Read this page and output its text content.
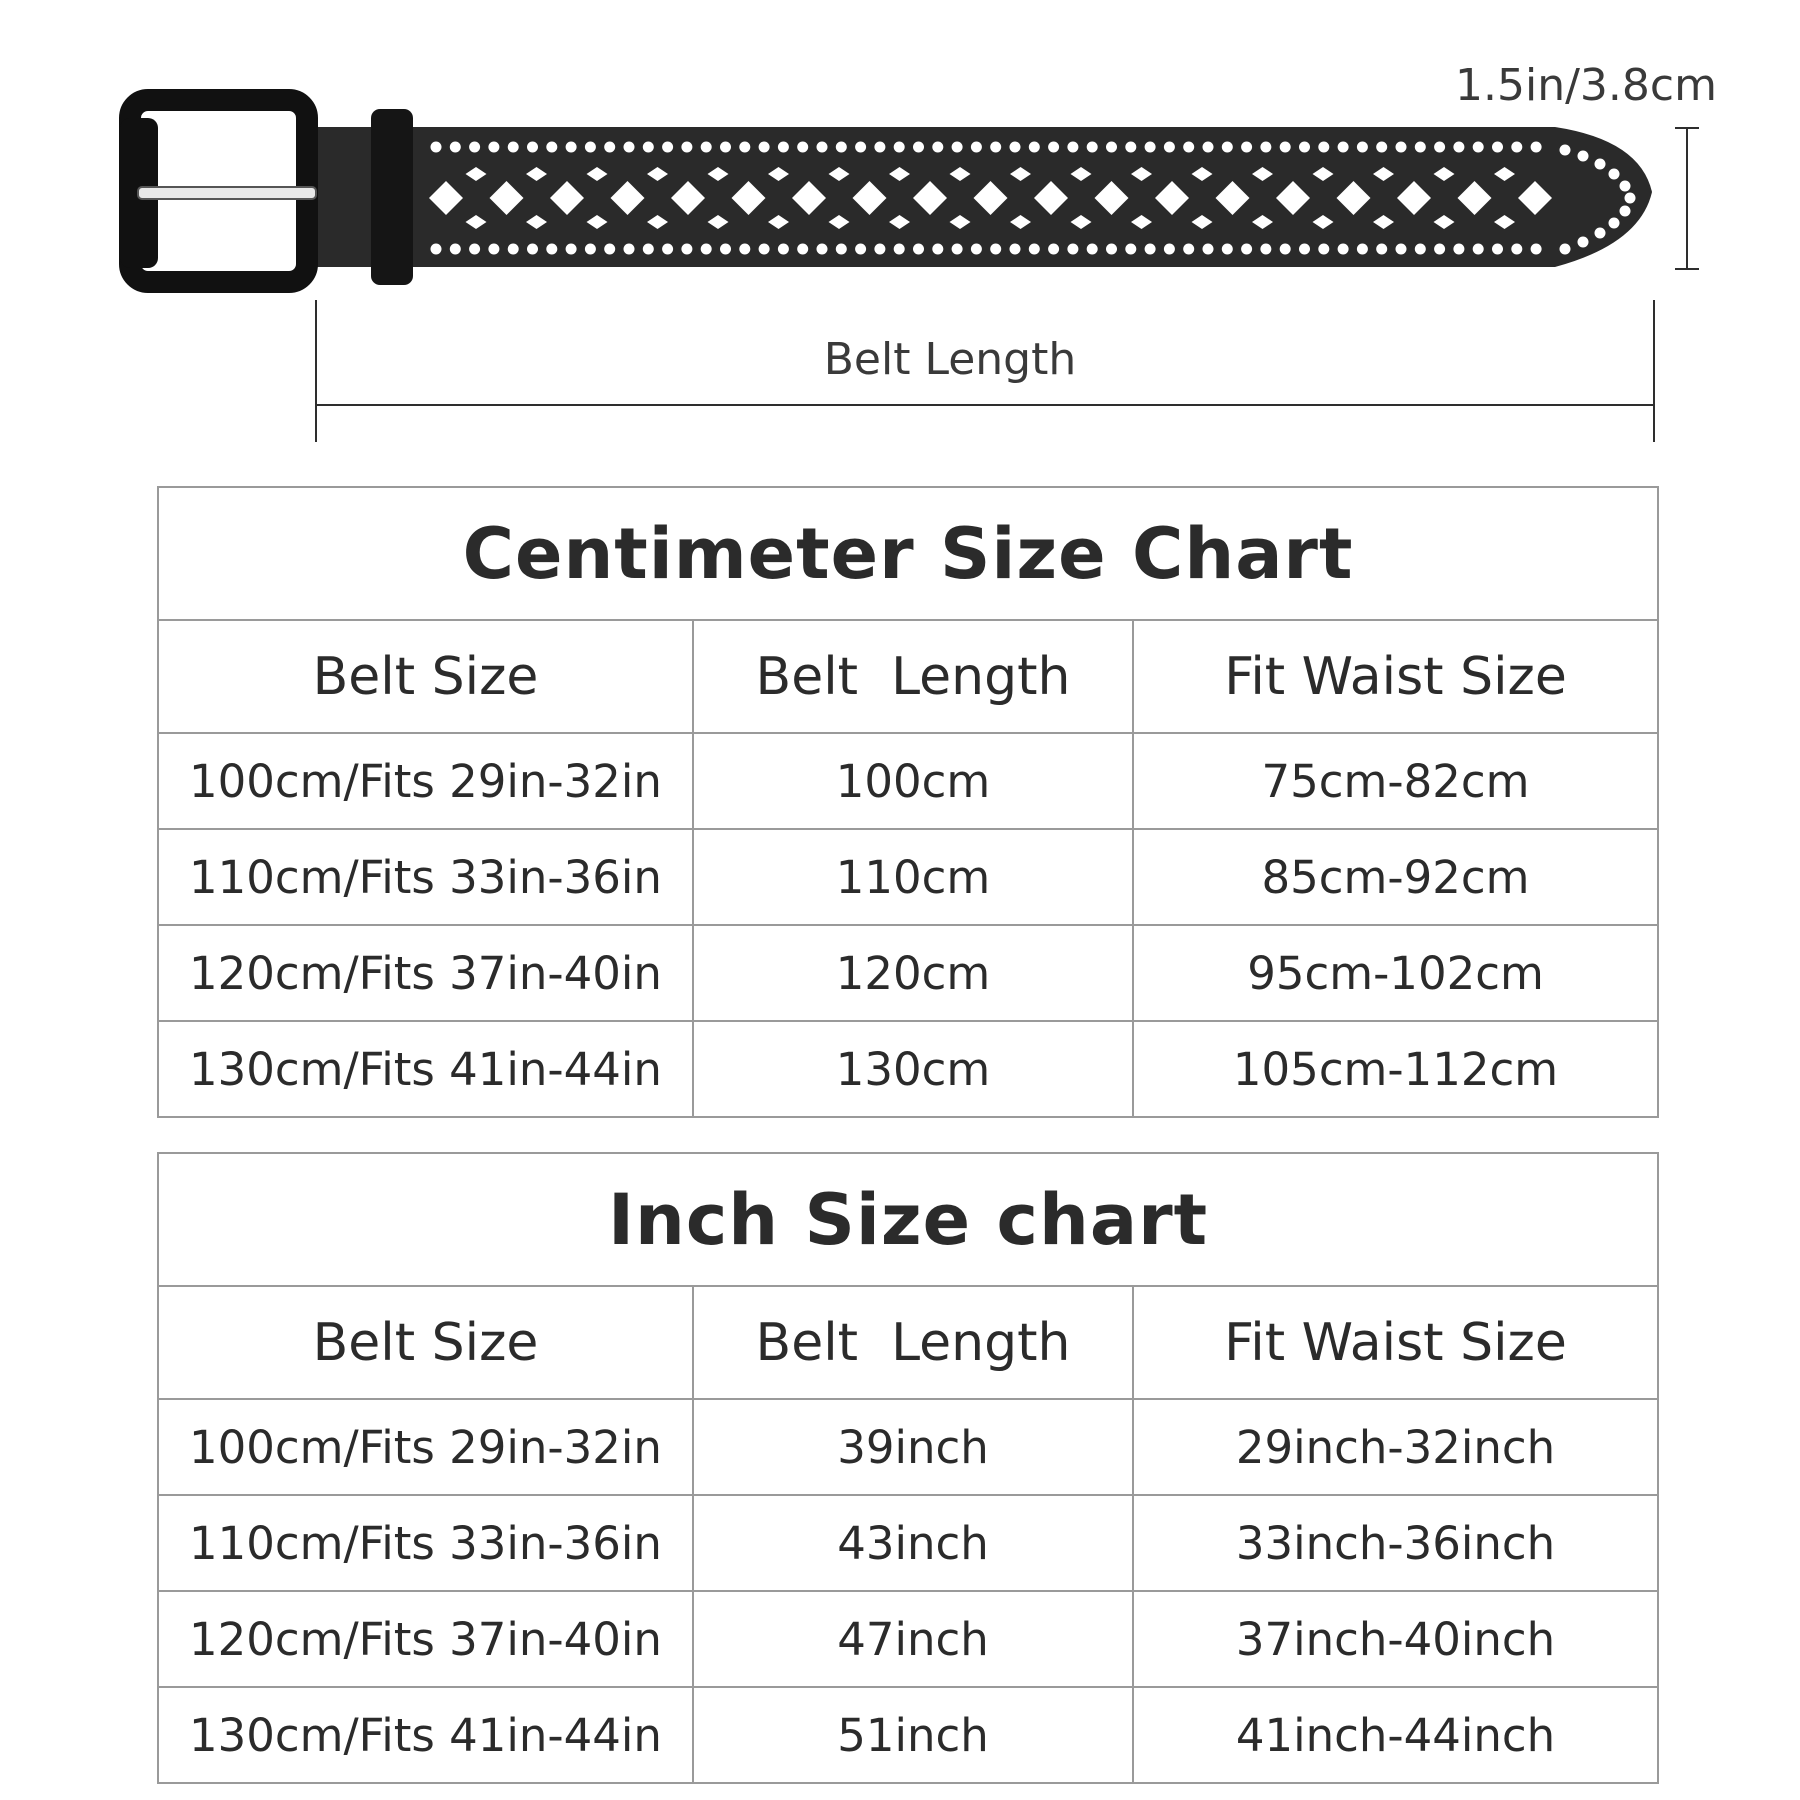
1.5in/3.8cm
Belt Length
Centimeter Size Chart		
Belt Size	Belt  Length	Fit Waist Size
100cm/Fits 29in-32in	100cm	75cm-82cm
110cm/Fits 33in-36in	110cm	85cm-92cm
120cm/Fits 37in-40in	120cm	95cm-102cm
130cm/Fits 41in-44in	130cm	105cm-112cm
Inch Size chart		
Belt Size	Belt  Length	Fit Waist Size
100cm/Fits 29in-32in	39inch	29inch-32inch
110cm/Fits 33in-36in	43inch	33inch-36inch
120cm/Fits 37in-40in	47inch	37inch-40inch
130cm/Fits 41in-44in	51inch	41inch-44inch
